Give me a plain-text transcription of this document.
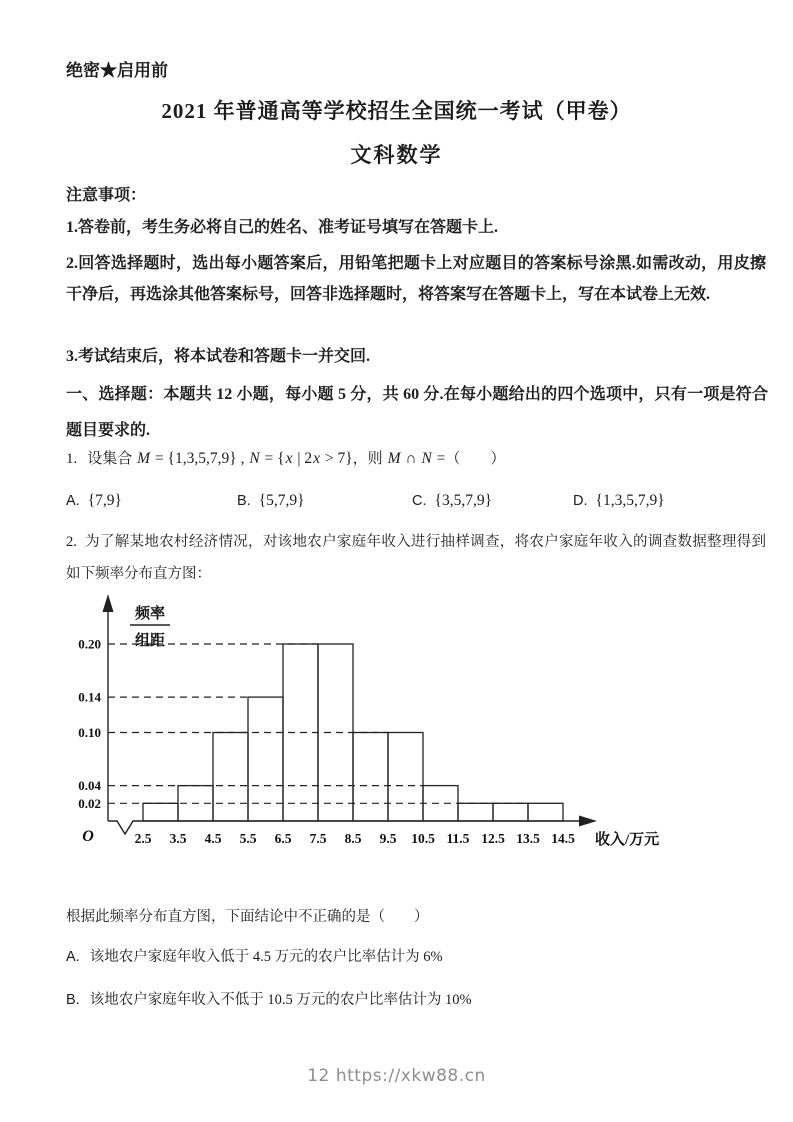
绝密★启用前
2021 年普通高等学校招生全国统一考试（甲卷）
文科数学
注意事项：

1.答卷前，考生务必将自己的姓名、准考证号填写在答题卡上.

2.回答选择题时，选出每小题答案后，用铅笔把题卡上对应题目的答案标号涂黑.如需改动，用皮擦干净后，再选涂其他答案标号，回答非选择题时，将答案写在答题卡上，写在本试卷上无效.

3.考试结束后，将本试卷和答题卡一并交回.

一、选择题：本题共 12 小题，每小题 5 分，共 60 分.在每小题给出的四个选项中，只有一项是符合题目要求的.
1. 设集合 M = {1,3,5,7,9} , N = {x | 2x > 7}，则 M ∩ N =（　　）
A. {7,9}	B. {5,7,9}	C. {3,5,7,9}	D. {1,3,5,7,9}

2. 为了解某地农村经济情况，对该地农户家庭年收入进行抽样调查，将农户家庭年收入的调查数据整理得到如下频率分布直方图：

0.02
0.04
0.10
0.14
0.20
2.5 3.5 4.5 5.5 6.5 7.5 8.5 9.5 10.5 11.5 12.5 13.5 14.5
O
频率
组距
收入/万元

根据此频率分布直方图，下面结论中不正确的是（　　）

A. 该地农户家庭年收入低于 4.5 万元的农户比率估计为 6%

B. 该地农户家庭年收入不低于 10.5 万元的农户比率估计为 10%

12 https://xkw88.cn
